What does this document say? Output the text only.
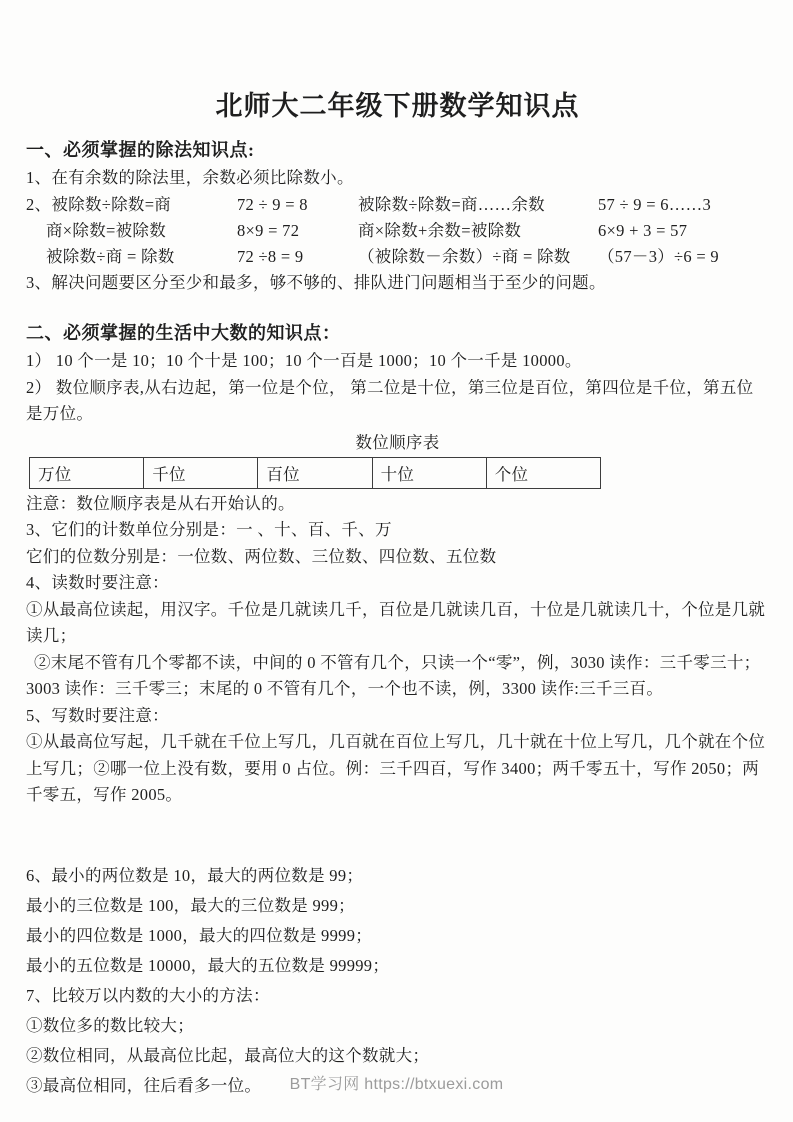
北师大二年级下册数学知识点
一、必须掌握的除法知识点:

1、在有余数的除法里，余数必须比除数小。

2、被除数÷除数=商	72 ÷ 9 = 8	被除数÷除数=商……余数	57 ÷ 9 = 6……3
商×除数=被除数	8×9 = 72	商×除数+余数=被除数	6×9 + 3 = 57
被除数÷商 = 除数	72 ÷8 = 9	（被除数－余数）÷商 = 除数	（57－3）÷6 = 9

3、解决问题要区分至少和最多，够不够的、排队进门问题相当于至少的问题。

二、必须掌握的生活中大数的知识点：

1） 10 个一是 10；10 个十是 100；10 个一百是 1000；10 个一千是 10000。

2） 数位顺序表,从右边起，第一位是个位， 第二位是十位，第三位是百位，第四位是千位，第五位是万位。

数位顺序表
万位	千位	百位	十位	个位

注意：数位顺序表是从右开始认的。

3、它们的计数单位分别是：一 、十、百、千、万

它们的位数分别是：一位数、两位数、三位数、四位数、五位数

4、读数时要注意：

①从最高位读起，用汉字。千位是几就读几千，百位是几就读几百，十位是几就读几十，个位是几就读几；

②末尾不管有几个零都不读，中间的 0 不管有几个，只读一个“零”，例，3030 读作：三千零三十；3003 读作：三千零三；末尾的 0 不管有几个，一个也不读，例，3300 读作:三千三百。

5、写数时要注意：

①从最高位写起，几千就在千位上写几，几百就在百位上写几，几十就在十位上写几，几个就在个位上写几；②哪一位上没有数，要用 0 占位。例：三千四百，写作 3400；两千零五十，写作 2050；两千零五，写作 2005。

6、最小的两位数是 10，最大的两位数是 99；

最小的三位数是 100，最大的三位数是 999；

最小的四位数是 1000，最大的四位数是 9999；

最小的五位数是 10000，最大的五位数是 99999；

7、比较万以内数的大小的方法：

①数位多的数比较大；

②数位相同，从最高位比起，最高位大的这个数就大；

③最高位相同，往后看多一位。	BT学习网 https://btxuexi.com
